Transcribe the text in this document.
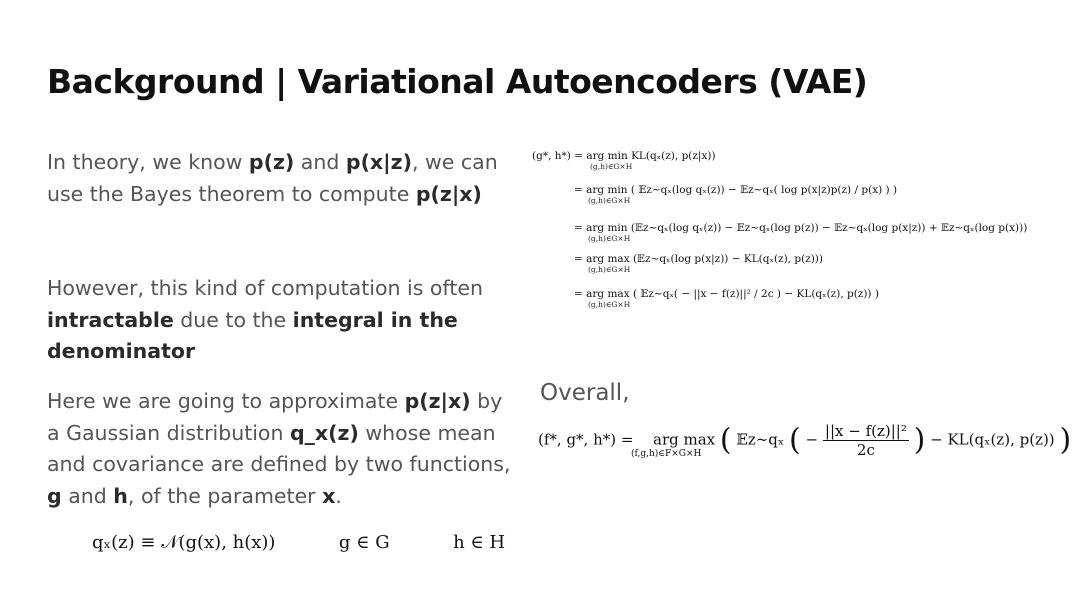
Background | Variational Autoencoders (VAE)
In theory, we know p(z) and p(x|z), we can use the Bayes theorem to compute p(z|x)
However, this kind of computation is often intractable due to the integral in the denominator
Here we are going to approximate p(z|x) by a Gaussian distribution q_x(z) whose mean and covariance are defined by two functions, g and h, of the parameter x.
qₓ(z) ≡ 𝒩(g(x), h(x))	g ∈ G	h ∈ H
(g*, h*) = arg min KL(qₓ(z), p(z|x))
(g,h)∈G×H
= arg min ( 𝔼z∼qₓ(log qₓ(z)) − 𝔼z∼qₓ( log p(x|z)p(z) / p(x) ) )
(g,h)∈G×H
= arg min (𝔼z∼qₓ(log qₓ(z)) − 𝔼z∼qₓ(log p(z)) − 𝔼z∼qₓ(log p(x|z)) + 𝔼z∼qₓ(log p(x)))
(g,h)∈G×H
= arg max (𝔼z∼qₓ(log p(x|z)) − KL(qₓ(z), p(z)))
(g,h)∈G×H
= arg max ( 𝔼z∼qₓ( − ||x − f(z)||² / 2c ) − KL(qₓ(z), p(z)) )
(g,h)∈G×H
Overall,
(f*, g*, h*) = arg max ( 𝔼z∼qₓ ( − $\frac{\text{||x − f(z)||²}}{2c}$ ) − KL(qₓ(z), p(z)) )
(f,g,h)∈F×G×H
